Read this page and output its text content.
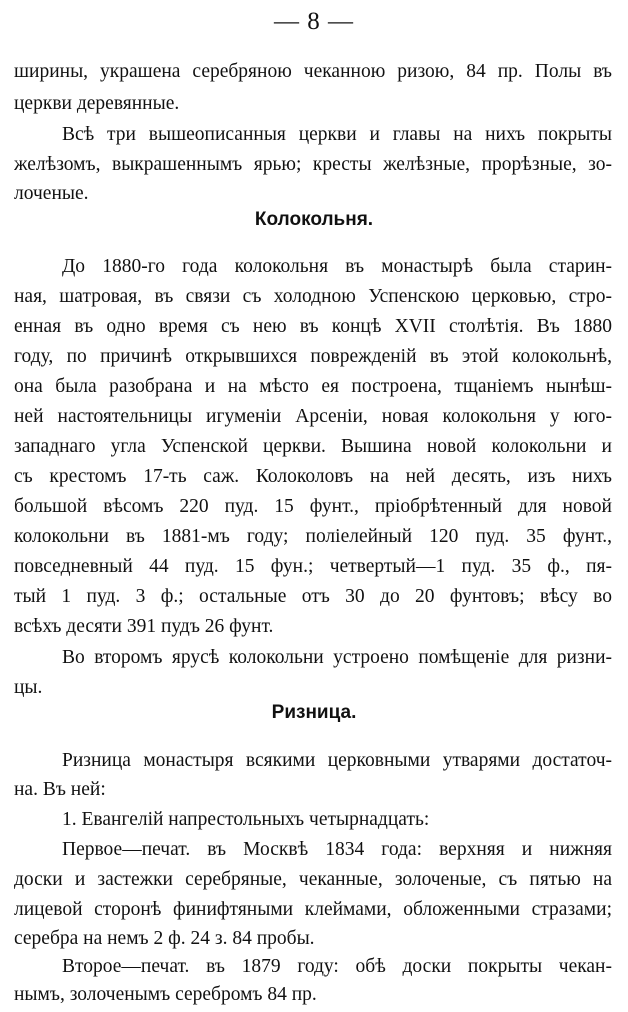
— 8 —
ширины, украшена серебряною чеканною ризою, 84 пр. Полы въ
церкви деревянные.
Всѣ три вышеописанныя церкви и главы на нихъ покрыты
желѣзомъ, выкрашеннымъ ярью; кресты желѣзные, прорѣзные, зо-
лоченые.
Колокольня.
До 1880-го года колокольня въ монастырѣ была старин-
ная, шатровая, въ связи съ холодною Успенскою церковью, стро-
енная въ одно время съ нею въ концѣ XVII столѣтія. Въ 1880
году, по причинѣ открывшихся поврежденій въ этой колокольнѣ,
она была разобрана и на мѣсто ея построена, тщаніемъ нынѣш-
ней настоятельницы игуменіи Арсеніи, новая колокольня у юго-
западнаго угла Успенской церкви. Вышина новой колокольни и
съ крестомъ 17-ть саж. Колоколовъ на ней десять, изъ нихъ
большой вѣсомъ 220 пуд. 15 фунт., пріобрѣтенный для новой
колокольни въ 1881-мъ году; полiелейный 120 пуд. 35 фунт.,
повседневный 44 пуд. 15 фун.; четвертый—1 пуд. 35 ф., пя-
тый 1 пуд. 3 ф.; остальные отъ 30 до 20 фунтовъ; вѣсу во
всѣхъ десяти 391 пудъ 26 фунт.
Во второмъ ярусѣ колокольни устроено помѣщеніе для ризни-
цы.
Ризница.
Ризница монастыря всякими церковными утварями достаточ-
на. Въ ней:
1. Евангелій напрестольныхъ четырнадцать:
Первое—печат. въ Москвѣ 1834 года: верхняя и нижняя
доски и застежки серебряные, чеканные, золоченые, съ пятью на
лицевой сторонѣ финифтяными клеймами, обложенными стразами;
серебра на немъ 2 ф. 24 з. 84 пробы.
Второе—печат. въ 1879 году: обѣ доски покрыты чекан-
нымъ, золоченымъ серебромъ 84 пр.
